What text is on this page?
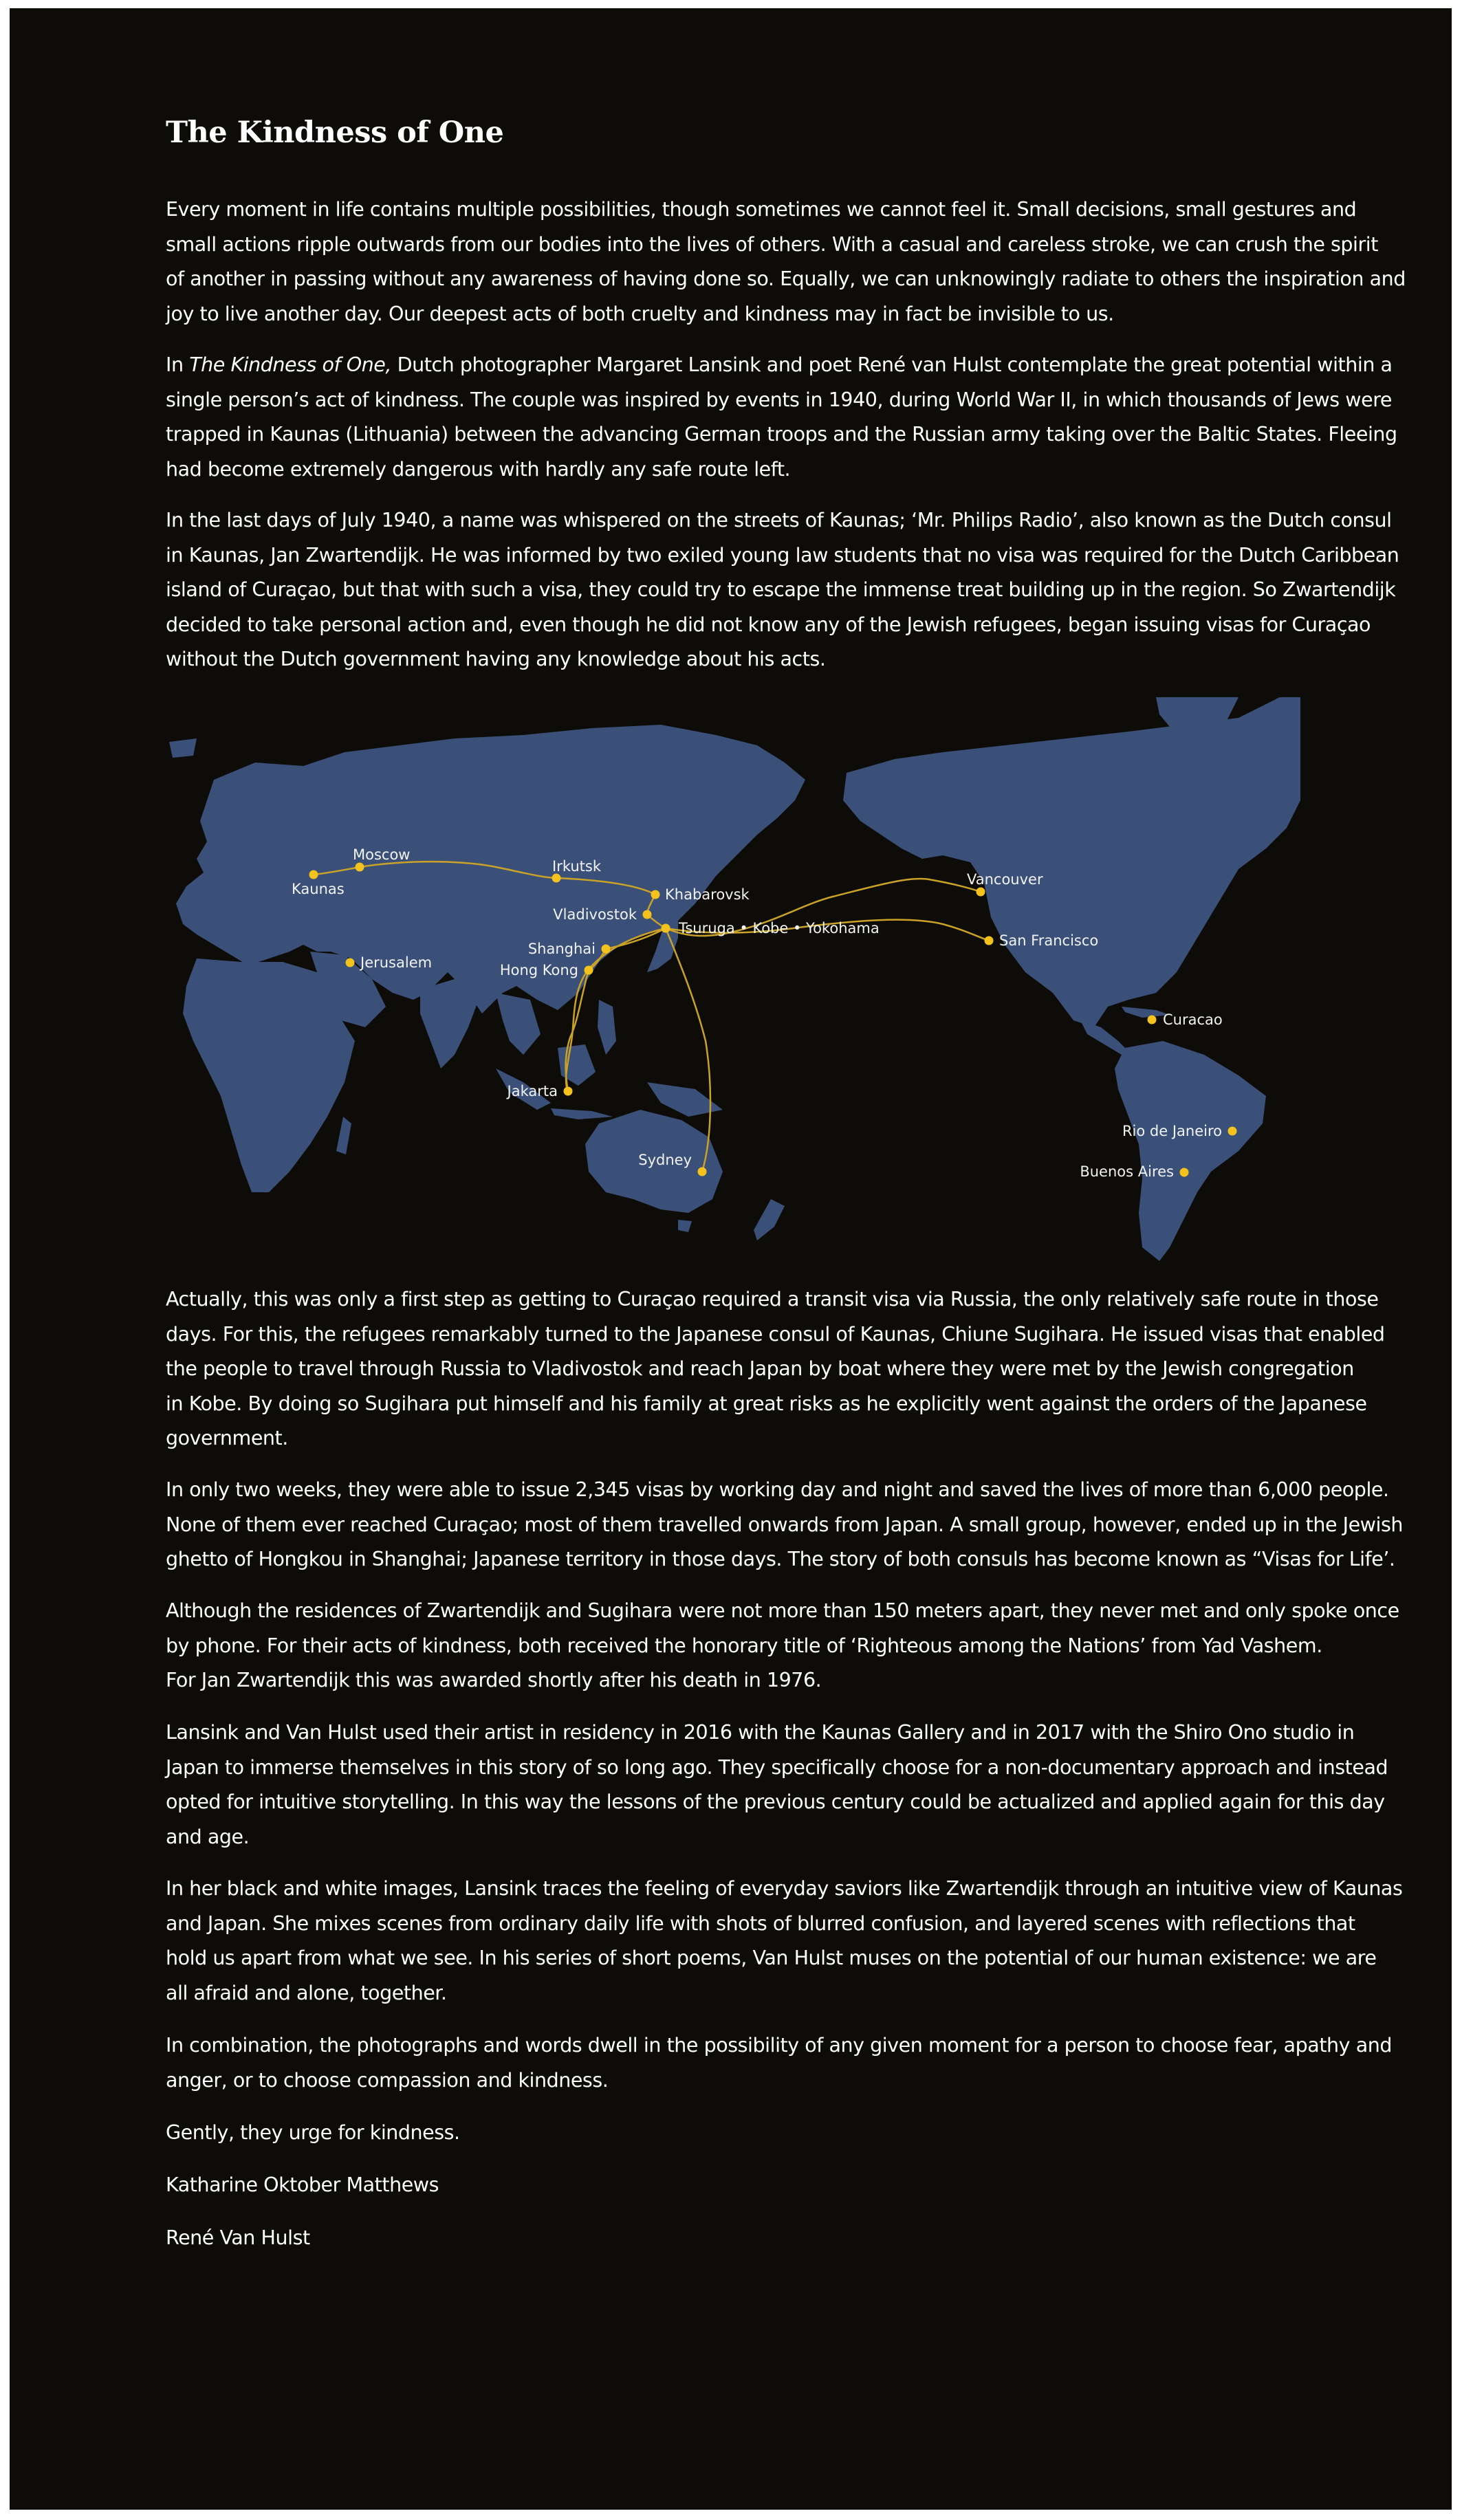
The Kindness of One
Every moment in life contains multiple possibilities, though sometimes we cannot feel it. Small decisions, small gestures and
small actions ripple outwards from our bodies into the lives of others. With a casual and careless stroke, we can crush the spirit
of another in passing without any awareness of having done so. Equally, we can unknowingly radiate to others the inspiration and
joy to live another day. Our deepest acts of both cruelty and kindness may in fact be invisible to us.
In The Kindness of One, Dutch photographer Margaret Lansink and poet René van Hulst contemplate the great potential within a
single person’s act of kindness. The couple was inspired by events in 1940, during World War II, in which thousands of Jews were
trapped in Kaunas (Lithuania) between the advancing German troops and the Russian army taking over the Baltic States. Fleeing
had become extremely dangerous with hardly any safe route left.
In the last days of July 1940, a name was whispered on the streets of Kaunas; ‘Mr. Philips Radio’, also known as the Dutch consul
in Kaunas, Jan Zwartendijk. He was informed by two exiled young law students that no visa was required for the Dutch Caribbean
island of Curaçao, but that with such a visa, they could try to escape the immense treat building up in the region. So Zwartendijk
decided to take personal action and, even though he did not know any of the Jewish refugees, began issuing visas for Curaçao
without the Dutch government having any knowledge about his acts.
Kaunas
Moscow
Irkutsk
Khabarovsk
Vladivostok
Tsuruga • Kobe • Yokohama
Shanghai
Hong Kong
Jerusalem
Jakarta
Sydney
Vancouver
San Francisco
Curacao
Rio de Janeiro
Buenos Aires
Actually, this was only a first step as getting to Curaçao required a transit visa via Russia, the only relatively safe route in those
days. For this, the refugees remarkably turned to the Japanese consul of Kaunas, Chiune Sugihara. He issued visas that enabled
the people to travel through Russia to Vladivostok and reach Japan by boat where they were met by the Jewish congregation
in Kobe. By doing so Sugihara put himself and his family at great risks as he explicitly went against the orders of the Japanese
government.
In only two weeks, they were able to issue 2,345 visas by working day and night and saved the lives of more than 6,000 people.
None of them ever reached Curaçao; most of them travelled onwards from Japan. A small group, however, ended up in the Jewish
ghetto of Hongkou in Shanghai; Japanese territory in those days. The story of both consuls has become known as “Visas for Life’.
Although the residences of Zwartendijk and Sugihara were not more than 150 meters apart, they never met and only spoke once
by phone. For their acts of kindness, both received the honorary title of ‘Righteous among the Nations’ from Yad Vashem.
For Jan Zwartendijk this was awarded shortly after his death in 1976.
Lansink and Van Hulst used their artist in residency in 2016 with the Kaunas Gallery and in 2017 with the Shiro Ono studio in
Japan to immerse themselves in this story of so long ago. They specifically choose for a non-documentary approach and instead
opted for intuitive storytelling. In this way the lessons of the previous century could be actualized and applied again for this day
and age.
In her black and white images, Lansink traces the feeling of everyday saviors like Zwartendijk through an intuitive view of Kaunas
and Japan. She mixes scenes from ordinary daily life with shots of blurred confusion, and layered scenes with reflections that
hold us apart from what we see. In his series of short poems, Van Hulst muses on the potential of our human existence: we are
all afraid and alone, together.
In combination, the photographs and words dwell in the possibility of any given moment for a person to choose fear, apathy and
anger, or to choose compassion and kindness.
Gently, they urge for kindness.
Katharine Oktober Matthews
René Van Hulst
